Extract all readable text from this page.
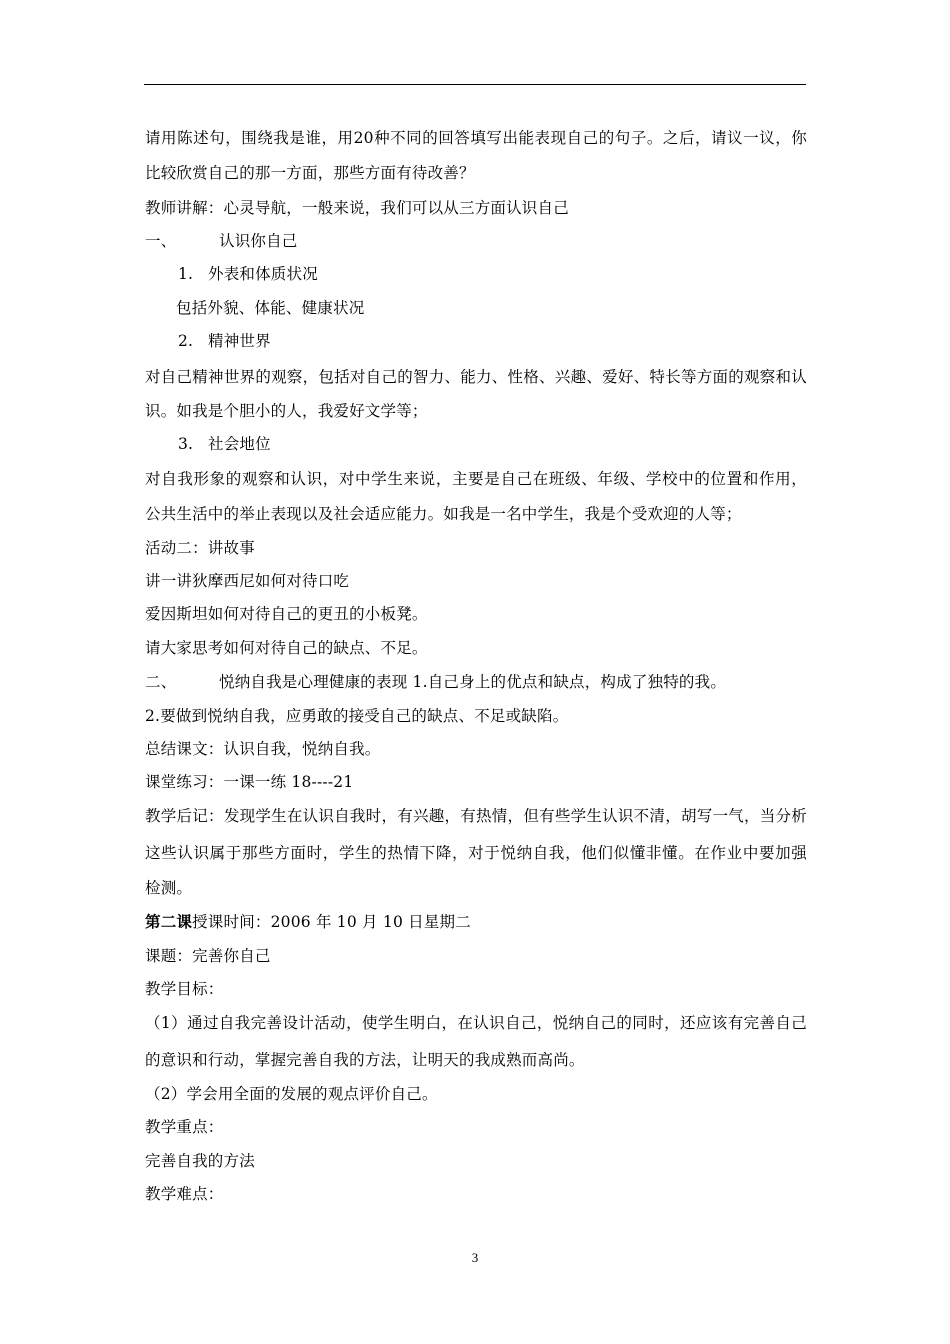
请用陈述句，围绕我是谁，用20种不同的回答填写出能表现自己的句子。之后，请议一议，你
比较欣赏自己的那一方面，那些方面有待改善？
教师讲解：心灵导航，一般来说，我们可以从三方面认识自己
一、	认识你自己
1. 外表和体质状况
包括外貌、体能、健康状况
2. 精神世界
对自己精神世界的观察，包括对自己的智力、能力、性格、兴趣、爱好、特长等方面的观察和认
识。如我是个胆小的人，我爱好文学等；
3. 社会地位
对自我形象的观察和认识，对中学生来说，主要是自己在班级、年级、学校中的位置和作用，
公共生活中的举止表现以及社会适应能力。如我是一名中学生，我是个受欢迎的人等；
活动二：讲故事
讲一讲狄摩西尼如何对待口吃
爱因斯坦如何对待自己的更丑的小板凳。
请大家思考如何对待自己的缺点、不足。
二、	悦纳自我是心理健康的表现 1.自己身上的优点和缺点，构成了独特的我。
2.要做到悦纳自我，应勇敢的接受自己的缺点、不足或缺陷。
总结课文：认识自我，悦纳自我。
课堂练习：一课一练 18----21
教学后记：发现学生在认识自我时，有兴趣，有热情，但有些学生认识不清，胡写一气，当分析
这些认识属于那些方面时，学生的热情下降，对于悦纳自我，他们似懂非懂。在作业中要加强
检测。
第二课授课时间：2006 年 10 月 10 日星期二
课题：完善你自己
教学目标：
（1）通过自我完善设计活动，使学生明白，在认识自己，悦纳自己的同时，还应该有完善自己
的意识和行动，掌握完善自我的方法，让明天的我成熟而高尚。
（2）学会用全面的发展的观点评价自己。
教学重点：
完善自我的方法
教学难点：
3
